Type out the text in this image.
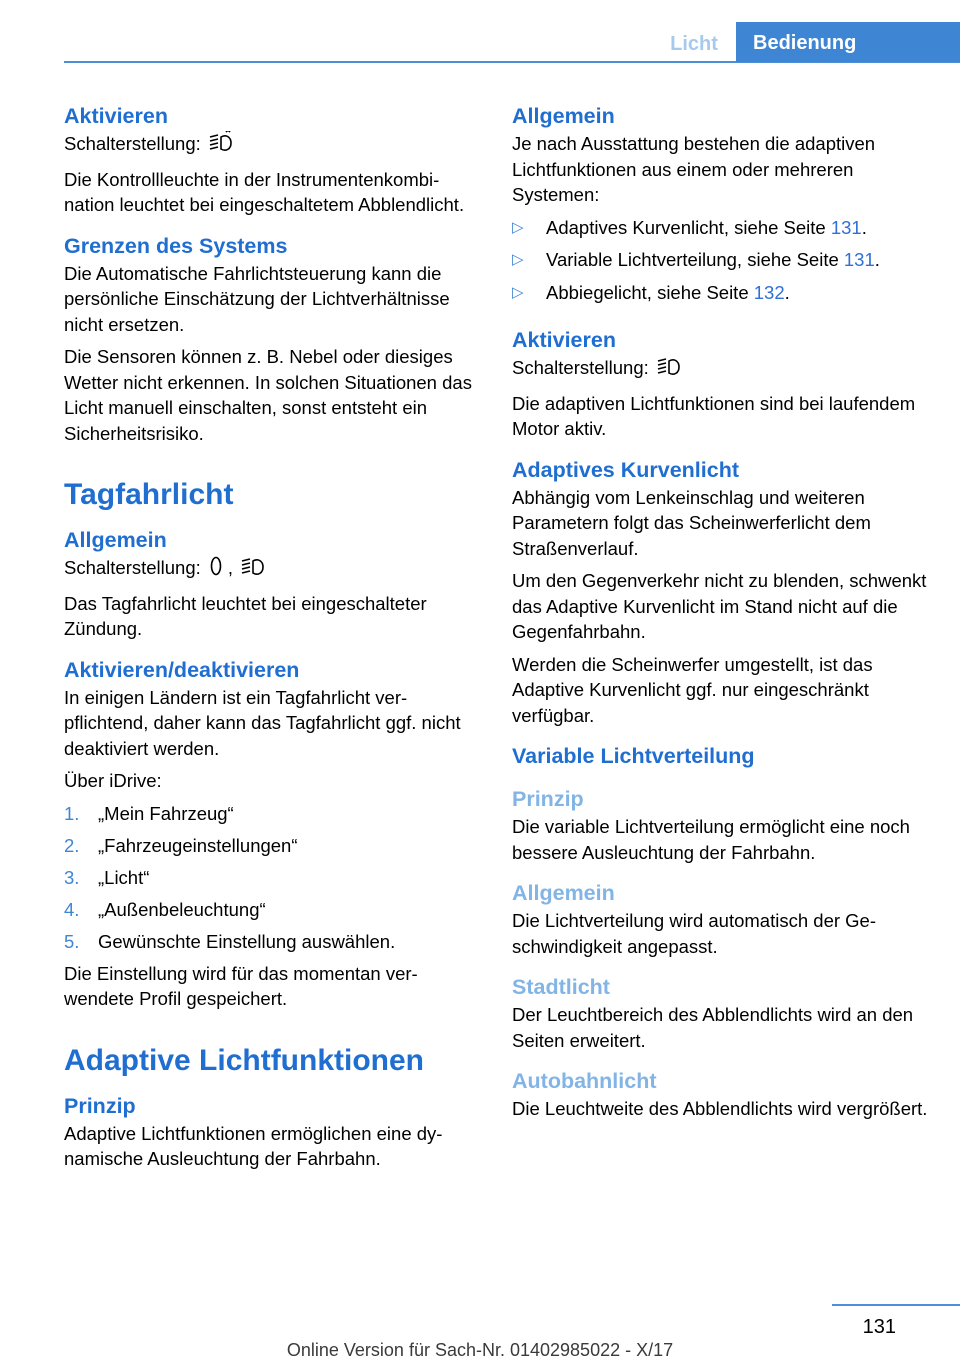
Licht	Bedienung
Aktivieren

Schalterstellung:

Die Kontrollleuchte in der Instrumentenkombination leuchtet bei eingeschaltetem Abblendlicht.

Grenzen des Systems

Die Automatische Fahrlichtsteuerung kann die persönliche Einschätzung der Lichtverhältnisse nicht ersetzen.

Die Sensoren können z. B. Nebel oder diesiges Wetter nicht erkennen. In solchen Situationen das Licht manuell einschalten, sonst entsteht ein Sicherheitsrisiko.

Tagfahrlicht
Allgemein

Schalterstellung: ,

Das Tagfahrlicht leuchtet bei eingeschalteter Zündung.

Aktivieren/deaktivieren

In einigen Ländern ist ein Tagfahrlicht verpflichtend, daher kann das Tagfahrlicht ggf. nicht deaktiviert werden.

Über iDrive:

1. „Mein Fahrzeug“
2. „Fahrzeugeinstellungen“
3. „Licht“
4. „Außenbeleuchtung“
5. Gewünschte Einstellung auswählen.

Die Einstellung wird für das momentan verwendete Profil gespeichert.

Adaptive Lichtfunktionen
Prinzip

Adaptive Lichtfunktionen ermöglichen eine dynamische Ausleuchtung der Fahrbahn.

Allgemein

Je nach Ausstattung bestehen die adaptiven Lichtfunktionen aus einem oder mehreren Systemen:

▷ Adaptives Kurvenlicht, siehe Seite 131.
▷ Variable Lichtverteilung, siehe Seite 131.
▷ Abbiegelicht, siehe Seite 132.
Aktivieren

Schalterstellung:

Die adaptiven Lichtfunktionen sind bei laufendem Motor aktiv.

Adaptives Kurvenlicht

Abhängig vom Lenkeinschlag und weiteren Parametern folgt das Scheinwerferlicht dem Straßenverlauf.

Um den Gegenverkehr nicht zu blenden, schwenkt das Adaptive Kurvenlicht im Stand nicht auf die Gegenfahrbahn.

Werden die Scheinwerfer umgestellt, ist das Adaptive Kurvenlicht ggf. nur eingeschränkt verfügbar.

Variable Lichtverteilung
Prinzip

Die variable Lichtverteilung ermöglicht eine noch bessere Ausleuchtung der Fahrbahn.

Allgemein

Die Lichtverteilung wird automatisch der Geschwindigkeit angepasst.

Stadtlicht

Der Leuchtbereich des Abblendlichts wird an den Seiten erweitert.

Autobahnlicht

Die Leuchtweite des Abblendlichts wird vergrößert.

131
Online Version für Sach-Nr. 01402985022 - X/17
